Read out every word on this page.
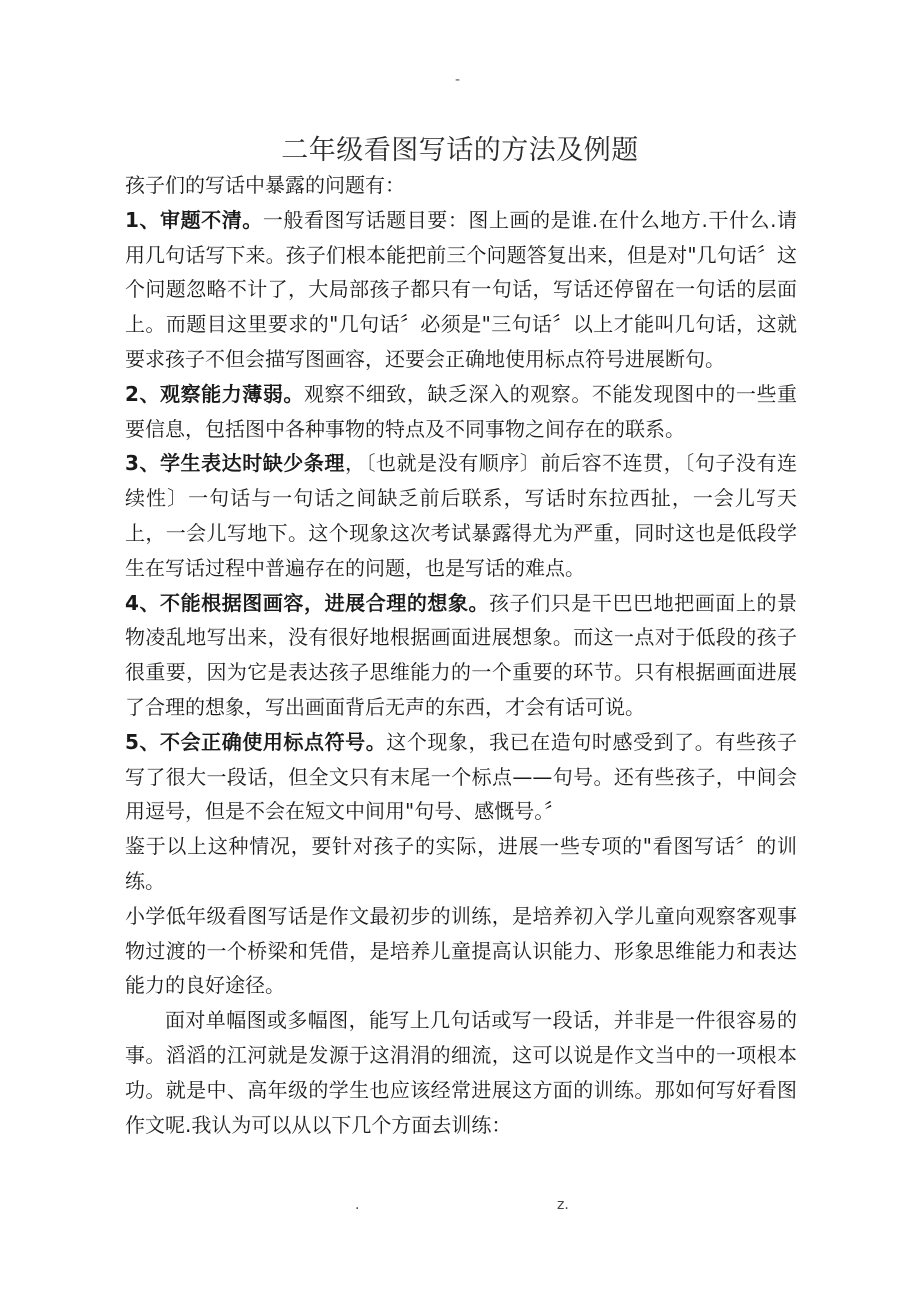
-
二年级看图写话的方法及例题

孩子们的写话中暴露的问题有：

1、审题不清。一般看图写话题目要：图上画的是谁.在什么地方.干什么.请用几句话写下来。孩子们根本能把前三个问题答复出来，但是对"几句话〞这个问题忽略不计了，大局部孩子都只有一句话，写话还停留在一句话的层面上。而题目这里要求的"几句话〞必须是"三句话〞以上才能叫几句话，这就要求孩子不但会描写图画容，还要会正确地使用标点符号进展断句。

2、观察能力薄弱。观察不细致，缺乏深入的观察。不能发现图中的一些重要信息，包括图中各种事物的特点及不同事物之间存在的联系。

3、学生表达时缺少条理，〔也就是没有顺序〕前后容不连贯，〔句子没有连续性〕一句话与一句话之间缺乏前后联系，写话时东拉西扯，一会儿写天上，一会儿写地下。这个现象这次考试暴露得尤为严重，同时这也是低段学生在写话过程中普遍存在的问题，也是写话的难点。

4、不能根据图画容，进展合理的想象。孩子们只是干巴巴地把画面上的景物凌乱地写出来，没有很好地根据画面进展想象。而这一点对于低段的孩子很重要，因为它是表达孩子思维能力的一个重要的环节。只有根据画面进展了合理的想象，写出画面背后无声的东西，才会有话可说。

5、不会正确使用标点符号。这个现象，我已在造句时感受到了。有些孩子写了很大一段话，但全文只有末尾一个标点——句号。还有些孩子，中间会用逗号，但是不会在短文中间用"句号、感慨号。〞

鉴于以上这种情况，要针对孩子的实际，进展一些专项的"看图写话〞的训练。

小学低年级看图写话是作文最初步的训练，是培养初入学儿童向观察客观事物过渡的一个桥梁和凭借，是培养儿童提高认识能力、形象思维能力和表达能力的良好途径。

面对单幅图或多幅图，能写上几句话或写一段话，并非是一件很容易的事。滔滔的江河就是发源于这涓涓的细流，这可以说是作文当中的一项根本功。就是中、高年级的学生也应该经常进展这方面的训练。那如何写好看图作文呢.我认为可以从以下几个方面去训练：

.	z.
